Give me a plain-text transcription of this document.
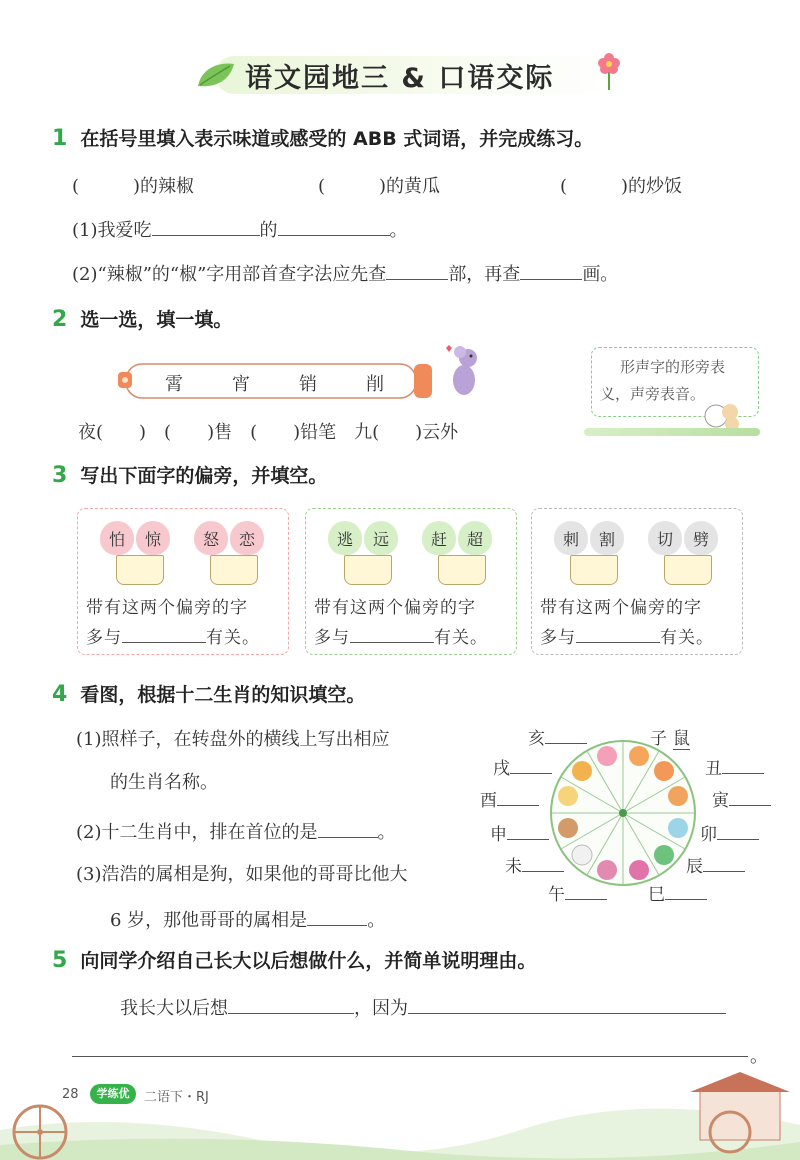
语文园地三 & 口语交际
1 在括号里填入表示味道或感受的 ABB 式词语，并完成练习。
(　　　)的辣椒	(　　　)的黄瓜	(　　　)的炒饭
(1)我爱吃	的	。
(2)“辣椒”的“椒”字用部首查字法应先查	部，再查	画。
2 选一选，填一填。
霄	宵	销	削
形声字的形旁表义，声旁表音。
夜(　　)　(　　)售　(　　)铅笔　九(　　)云外
3 写出下面字的偏旁，并填空。
怕	惊	怒	恋
带有这两个偏旁的字
多与	有关。
逃	远	赶	超
带有这两个偏旁的字
多与	有关。
刺	割	切	劈
带有这两个偏旁的字
多与	有关。
4 看图，根据十二生肖的知识填空。
(1)照样子，在转盘外的横线上写出相应
的生肖名称。
(2)十二生肖中，排在首位的是	。
(3)浩浩的属相是狗，如果他的哥哥比他大
6 岁，那他哥哥的属相是	。
亥	子 鼠
戌	丑
酉	寅
申	卯
未	辰
午	巳
5 向同学介绍自己长大以后想做什么，并简单说明理由。
我长大以后想	，因为
。
28	学练优	二语下・RJ
